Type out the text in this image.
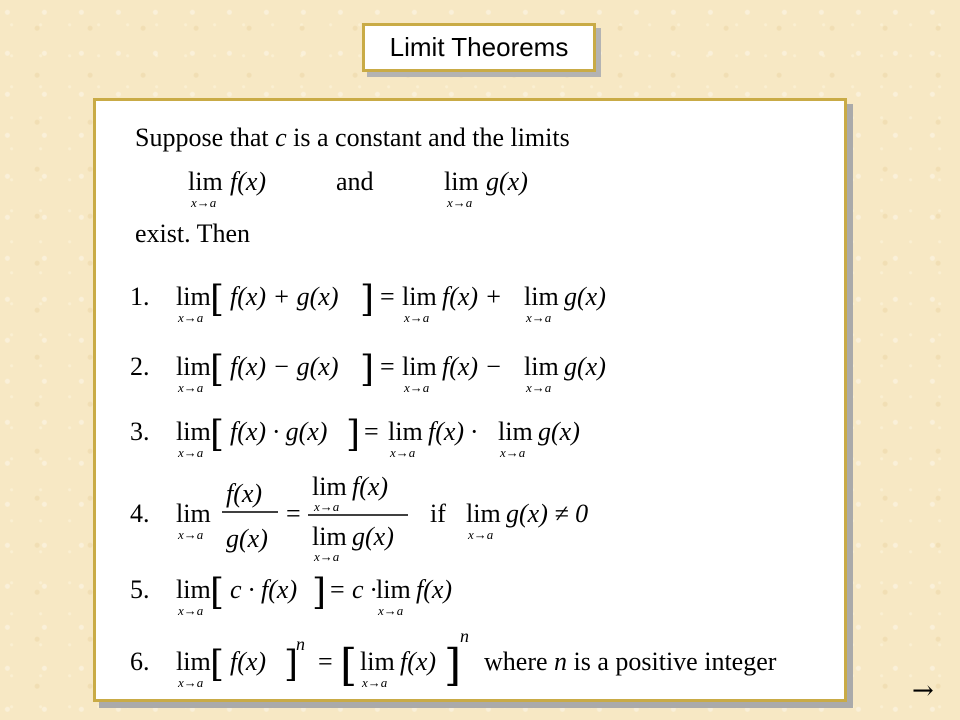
Limit Theorems
Suppose that c is a constant and the limits
lim
x→a
f(x)	and	lim
x→a
g(x)
exist. Then
1. lim
x→a [ f(x) + g(x) ] = lim
x→a
f(x) + lim
x→a
g(x)
2. lim
x→a [ f(x) − g(x) ] = lim
x→a
f(x) − lim
x→a
g(x)
3. lim
x→a [ f(x) · g(x) ] = lim
x→a
f(x) · lim
x→a
g(x)
4. lim
x→a
f(x)
g(x)
=
lim
x→a
f(x)
lim
x→a
g(x)
if lim
x→a
g(x) ≠ 0
5. lim
x→a [ c · f(x) ] = c · lim
x→a
f(x)
6. lim
x→a [ f(x) ]
n
= [ lim
x→a
f(x) ]
n
where n is a positive integer
→
